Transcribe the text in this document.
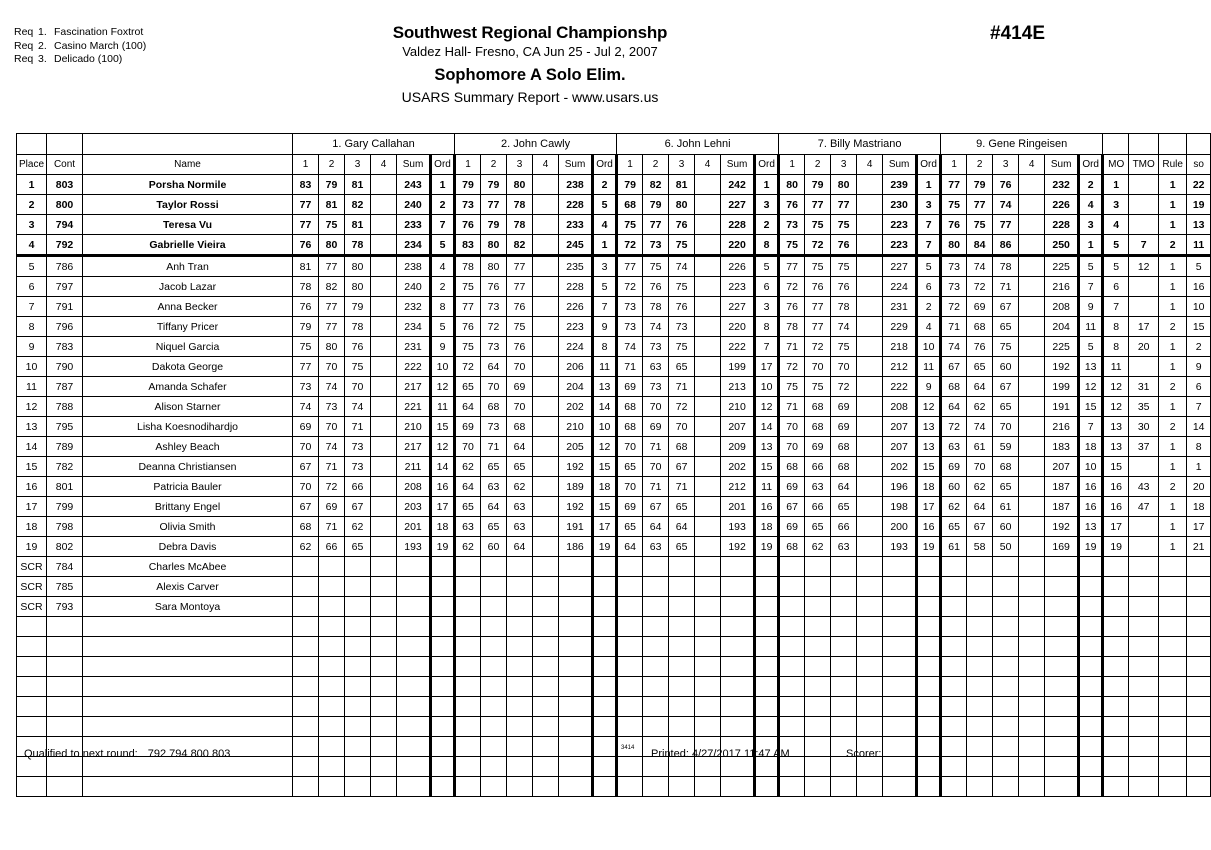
Req 1. Fascination Foxtrot
Req 2. Casino March (100)
Req 3. Delicado (100)
Southwest Regional Championshp
Valdez Hall- Fresno, CA Jun 25 - Jul 2, 2007
Sophomore A Solo Elim.
USARS Summary Report - www.usars.us
#414E
			1. Gary Callahan						2. John Cawly						6. John Lehni						7. Billy Mastriano						9. Gene Ringeisen									
Place	Cont	Name	1	2	3	4	Sum	Ord	1	2	3	4	Sum	Ord	1	2	3	4	Sum	Ord	1	2	3	4	Sum	Ord	1	2	3	4	Sum	Ord	MO	TMO	Rule	so
1	803	Porsha Normile	83	79	81		243	1	79	79	80		238	2	79	82	81		242	1	80	79	80		239	1	77	79	76		232	2	1		1	22
2	800	Taylor Rossi	77	81	82		240	2	73	77	78		228	5	68	79	80		227	3	76	77	77		230	3	75	77	74		226	4	3		1	19
3	794	Teresa Vu	77	75	81		233	7	76	79	78		233	4	75	77	76		228	2	73	75	75		223	7	76	75	77		228	3	4		1	13
4	792	Gabrielle Vieira	76	80	78		234	5	83	80	82		245	1	72	73	75		220	8	75	72	76		223	7	80	84	86		250	1	5	7	2	11
5	786	Anh Tran	81	77	80		238	4	78	80	77		235	3	77	75	74		226	5	77	75	75		227	5	73	74	78		225	5	5	12	1	5
6	797	Jacob Lazar	78	82	80		240	2	75	76	77		228	5	72	76	75		223	6	72	76	76		224	6	73	72	71		216	7	6		1	16
7	791	Anna Becker	76	77	79		232	8	77	73	76		226	7	73	78	76		227	3	76	77	78		231	2	72	69	67		208	9	7		1	10
8	796	Tiffany Pricer	79	77	78		234	5	76	72	75		223	9	73	74	73		220	8	78	77	74		229	4	71	68	65		204	11	8	17	2	15
9	783	Niquel Garcia	75	80	76		231	9	75	73	76		224	8	74	73	75		222	7	71	72	75		218	10	74	76	75		225	5	8	20	1	2
10	790	Dakota George	77	70	75		222	10	72	64	70		206	11	71	63	65		199	17	72	70	70		212	11	67	65	60		192	13	11		1	9
11	787	Amanda Schafer	73	74	70		217	12	65	70	69		204	13	69	73	71		213	10	75	75	72		222	9	68	64	67		199	12	12	31	2	6
12	788	Alison Starner	74	73	74		221	11	64	68	70		202	14	68	70	72		210	12	71	68	69		208	12	64	62	65		191	15	12	35	1	7
13	795	Lisha Koesnodihardjo	69	70	71		210	15	69	73	68		210	10	68	69	70		207	14	70	68	69		207	13	72	74	70		216	7	13	30	2	14
14	789	Ashley Beach	70	74	73		217	12	70	71	64		205	12	70	71	68		209	13	70	69	68		207	13	63	61	59		183	18	13	37	1	8
15	782	Deanna Christiansen	67	71	73		211	14	62	65	65		192	15	65	70	67		202	15	68	66	68		202	15	69	70	68		207	10	15		1	1
16	801	Patricia Bauler	70	72	66		208	16	64	63	62		189	18	70	71	71		212	11	69	63	64		196	18	60	62	65		187	16	16	43	2	20
17	799	Brittany Engel	67	69	67		203	17	65	64	63		192	15	69	67	65		201	16	67	66	65		198	17	62	64	61		187	16	16	47	1	18
18	798	Olivia Smith	68	71	62		201	18	63	65	63		191	17	65	64	64		193	18	69	65	66		200	16	65	67	60		192	13	17		1	17
19	802	Debra Davis	62	66	65		193	19	62	60	64		186	19	64	63	65		192	19	68	62	63		193	19	61	58	50		169	19	19		1	21
SCR	784	Charles McAbee																																		
SCR	785	Alexis Carver																																		
SCR	793	Sara Montoya																																		

Qualified to next round: 792 794 800 803	3414 Printed: 4/27/2017 11:47 AM	Scorer:
